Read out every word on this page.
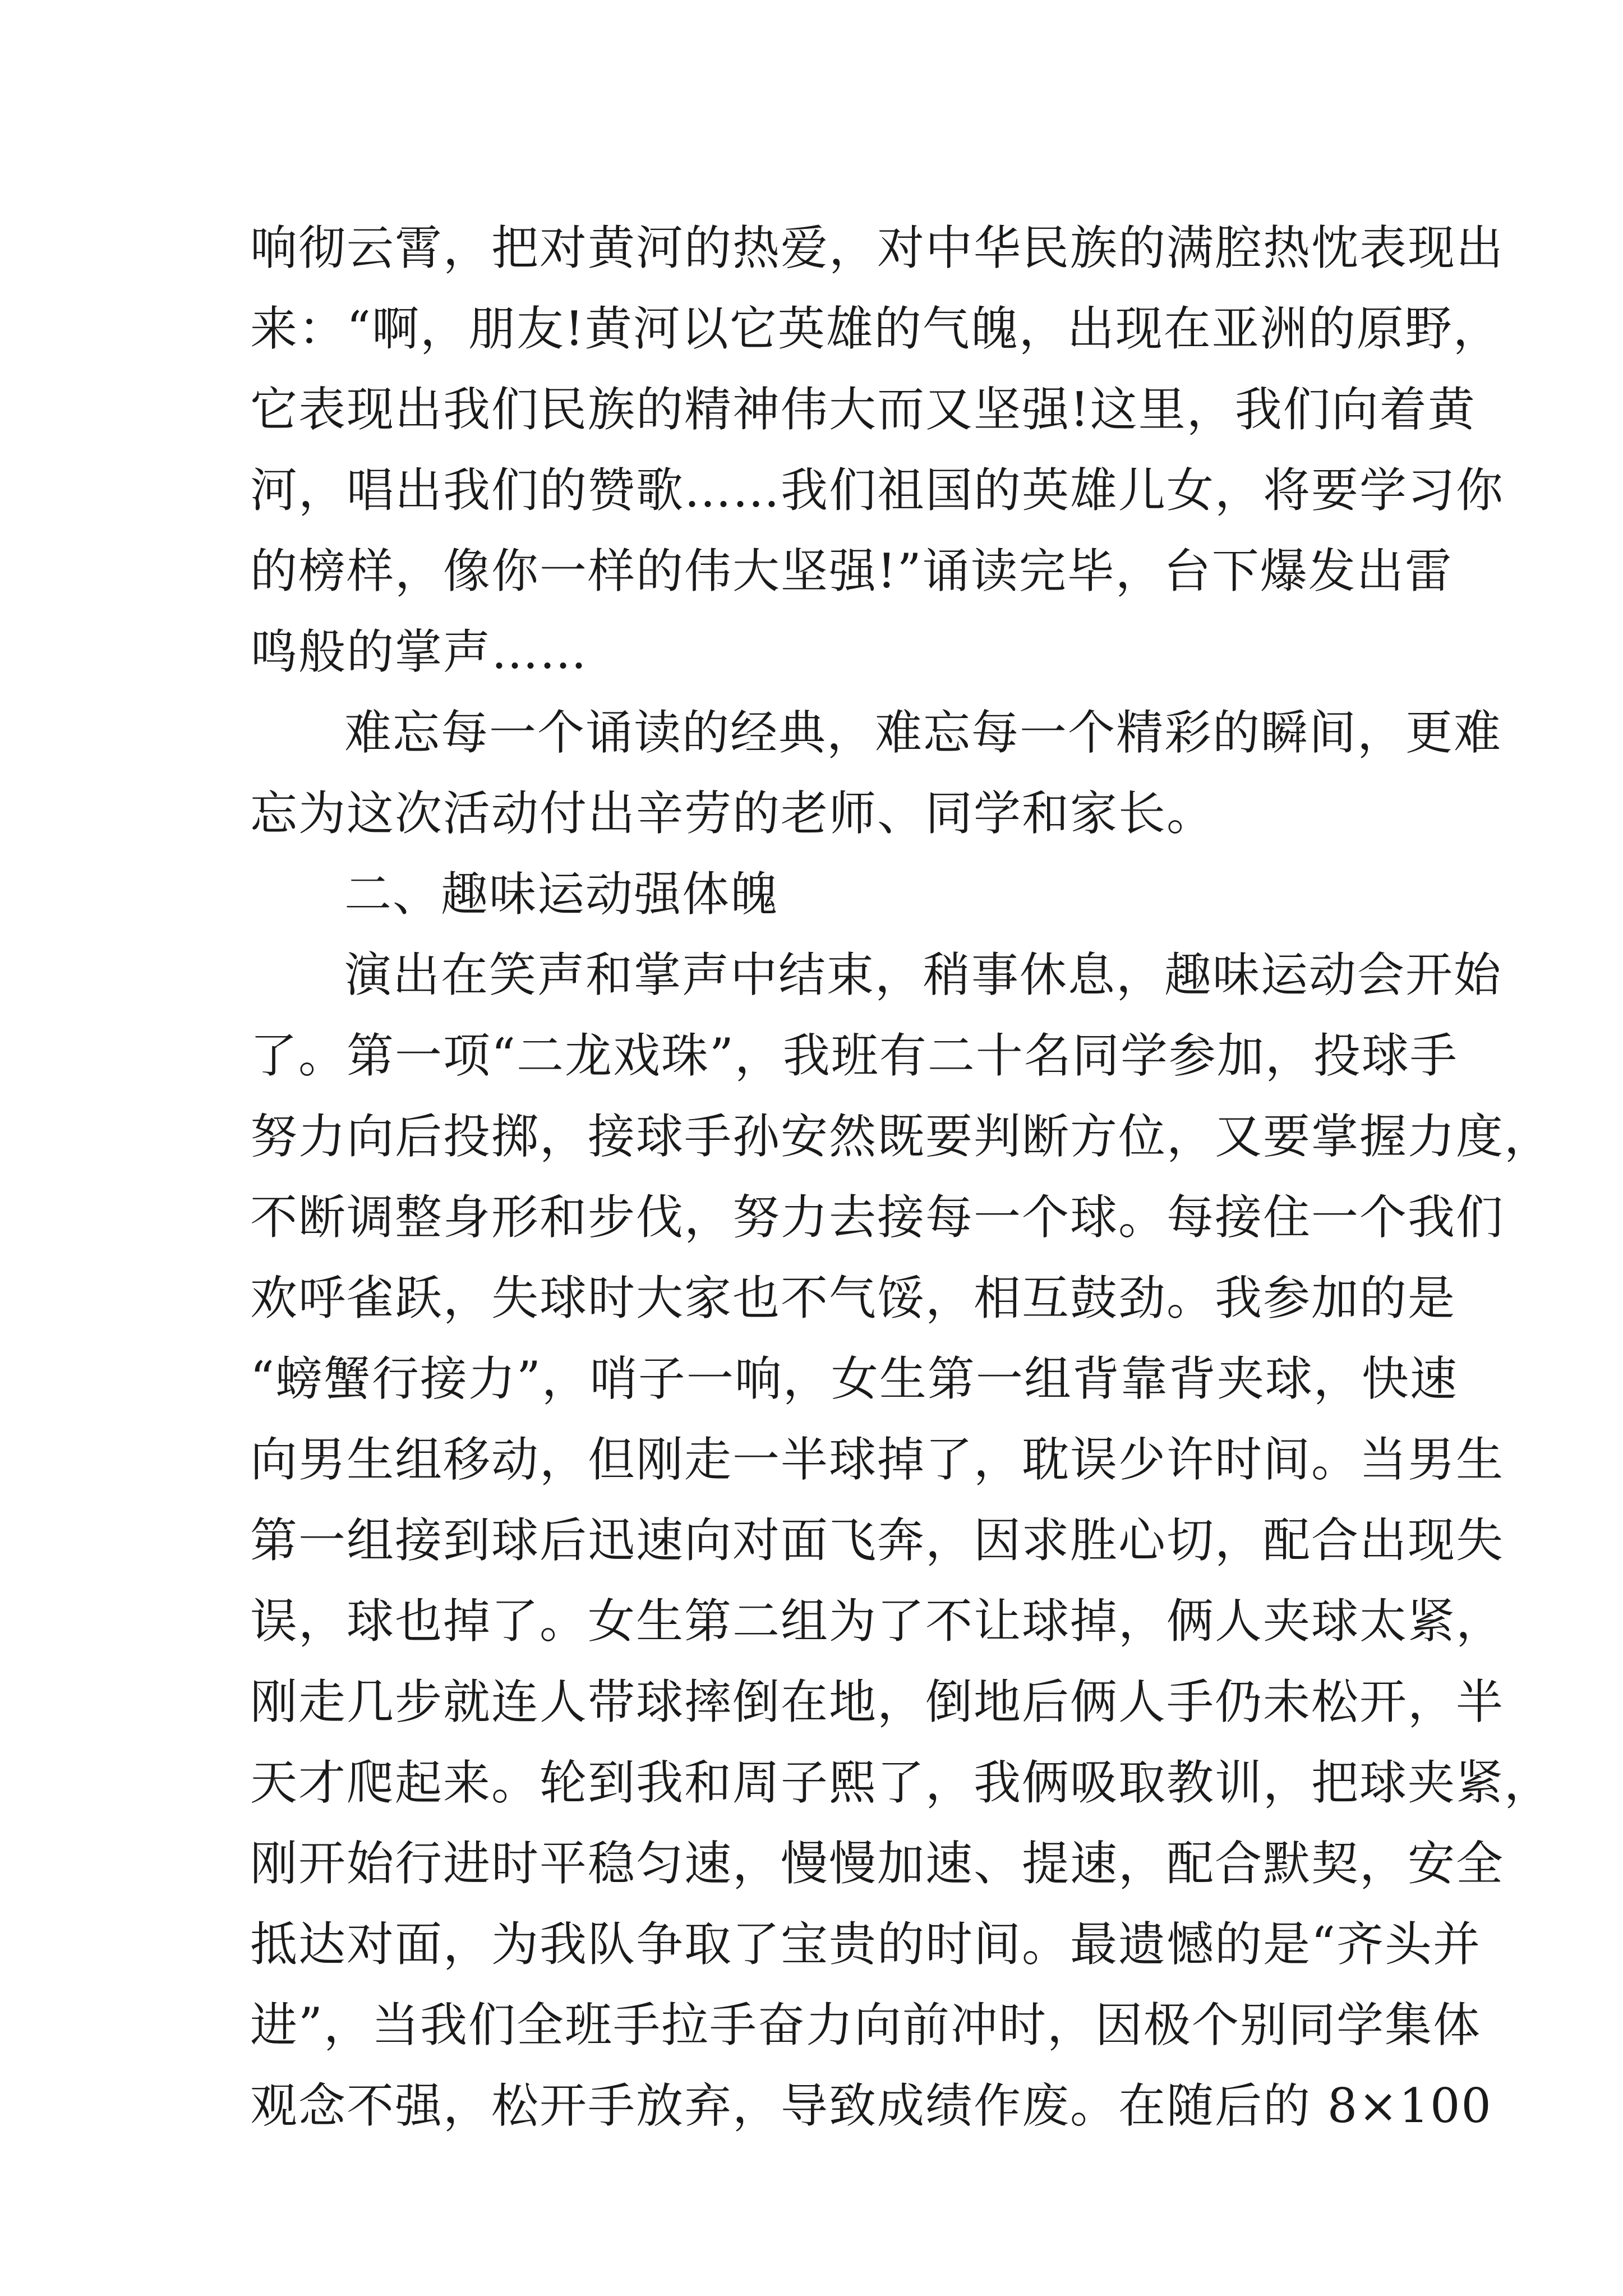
响彻云霄，把对黄河的热爱，对中华民族的满腔热忱表现出
来：“啊，朋友!黄河以它英雄的气魄，出现在亚洲的原野，
它表现出我们民族的精神伟大而又坚强!这里，我们向着黄
河，唱出我们的赞歌……我们祖国的英雄儿女，将要学习你
的榜样，像你一样的伟大坚强!”诵读完毕，台下爆发出雷
鸣般的掌声……
难忘每一个诵读的经典，难忘每一个精彩的瞬间，更难
忘为这次活动付出辛劳的老师、同学和家长。
二、趣味运动强体魄
演出在笑声和掌声中结束，稍事休息，趣味运动会开始
了。第一项“二龙戏珠”，我班有二十名同学参加，投球手
努力向后投掷，接球手孙安然既要判断方位，又要掌握力度，
不断调整身形和步伐，努力去接每一个球。每接住一个我们
欢呼雀跃，失球时大家也不气馁，相互鼓劲。我参加的是
“螃蟹行接力”，哨子一响，女生第一组背靠背夹球，快速
向男生组移动，但刚走一半球掉了，耽误少许时间。当男生
第一组接到球后迅速向对面飞奔，因求胜心切，配合出现失
误，球也掉了。女生第二组为了不让球掉，俩人夹球太紧，
刚走几步就连人带球摔倒在地，倒地后俩人手仍未松开，半
天才爬起来。轮到我和周子熙了，我俩吸取教训，把球夹紧，
刚开始行进时平稳匀速，慢慢加速、提速，配合默契，安全
抵达对面，为我队争取了宝贵的时间。最遗憾的是“齐头并
进”，当我们全班手拉手奋力向前冲时，因极个别同学集体
观念不强，松开手放弃，导致成绩作废。在随后的 8×100
